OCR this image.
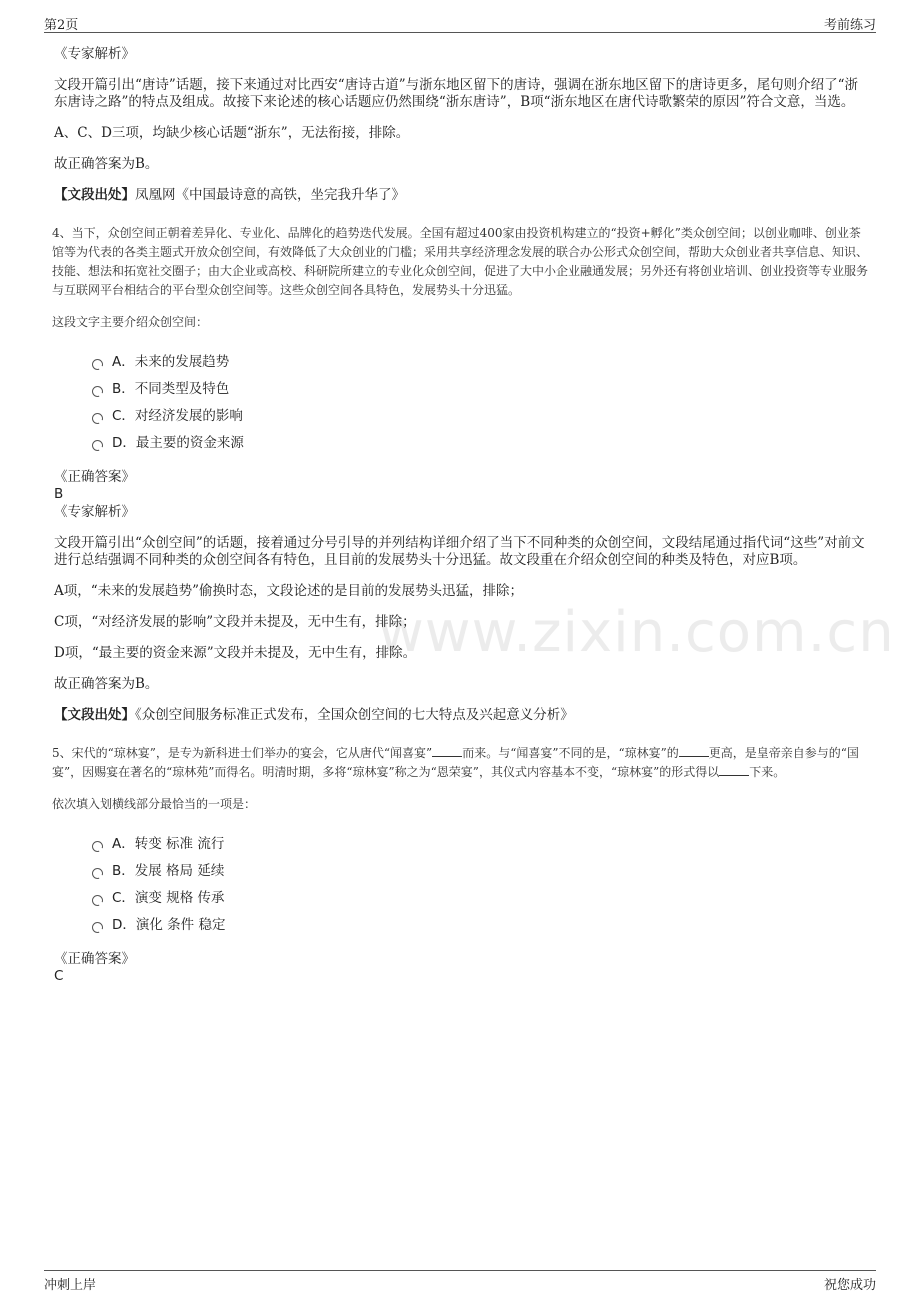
第2页	考前练习
www.zixin.com.cn

《专家解析》

文段开篇引出“唐诗”话题，接下来通过对比西安“唐诗古道”与浙东地区留下的唐诗，强调在浙东地区留下的唐诗更多，尾句则介绍了“浙东唐诗之路”的特点及组成。故接下来论述的核心话题应仍然围绕“浙东唐诗”，B项“浙东地区在唐代诗歌繁荣的原因”符合文意，当选。

A、C、D三项，均缺少核心话题“浙东”，无法衔接，排除。

故正确答案为B。

【文段出处】凤凰网《中国最诗意的高铁，坐完我升华了》

4、当下，众创空间正朝着差异化、专业化、品牌化的趋势迭代发展。全国有超过400家由投资机构建立的“投资+孵化”类众创空间；以创业咖啡、创业茶馆等为代表的各类主题式开放众创空间，有效降低了大众创业的门槛；采用共享经济理念发展的联合办公形式众创空间，帮助大众创业者共享信息、知识、技能、想法和拓宽社交圈子；由大企业或高校、科研院所建立的专业化众创空间，促进了大中小企业融通发展；另外还有将创业培训、创业投资等专业服务与互联网平台相结合的平台型众创空间等。这些众创空间各具特色，发展势头十分迅猛。

这段文字主要介绍众创空间：

A．未来的发展趋势
B．不同类型及特色
C．对经济发展的影响
D．最主要的资金来源

《正确答案》

B

《专家解析》

文段开篇引出“众创空间”的话题，接着通过分号引导的并列结构详细介绍了当下不同种类的众创空间，文段结尾通过指代词“这些”对前文进行总结强调不同种类的众创空间各有特色，且目前的发展势头十分迅猛。故文段重在介绍众创空间的种类及特色，对应B项。

A项，“未来的发展趋势”偷换时态，文段论述的是目前的发展势头迅猛，排除；

C项，“对经济发展的影响”文段并未提及，无中生有，排除；

D项，“最主要的资金来源”文段并未提及，无中生有，排除。

故正确答案为B。

【文段出处】《众创空间服务标准正式发布，全国众创空间的七大特点及兴起意义分析》

5、宋代的“琼林宴”，是专为新科进士们举办的宴会，它从唐代“闻喜宴”	而来。与“闻喜宴”不同的是，“琼林宴”的	更高，是皇帝亲自参与的“国宴”，因赐宴在著名的“琼林苑”而得名。明清时期，多将“琼林宴”称之为“恩荣宴”，其仪式内容基本不变，“琼林宴”的形式得以	下来。

依次填入划横线部分最恰当的一项是：

A．转变 标准 流行
B．发展 格局 延续
C．演变 规格 传承
D．演化 条件 稳定

《正确答案》

C

冲刺上岸	祝您成功
